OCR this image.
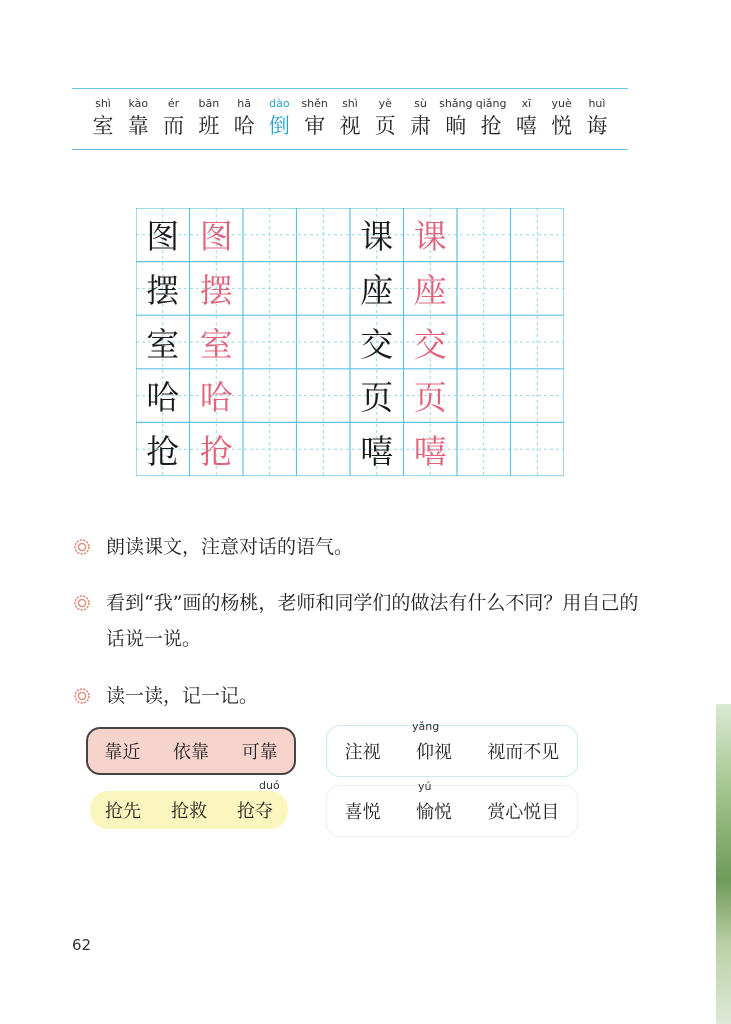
shì
室
kào
靠
ér
而
bān
班
hā
哈
dào
倒
shěn
审
shì
视
yè
页
sù
肃
shǎng
晌
qiǎng
抢
xī
嘻
yuè
悦
huì
诲
图 图
摆 摆
室 室
哈 哈
抢 抢
课 课
座 座
交 交
页 页
嘻 嘻
朗读课文，注意对话的语气。
看到“我”画的杨桃，老师和同学们的做法有什么不同？用自己的话说一说。
读一读，记一记。
靠近 依靠 可靠
抢先 抢救
duó
抢夺
注视
yǎng
仰视 视而不见
喜悦
yú
愉悦 赏心悦目
62
